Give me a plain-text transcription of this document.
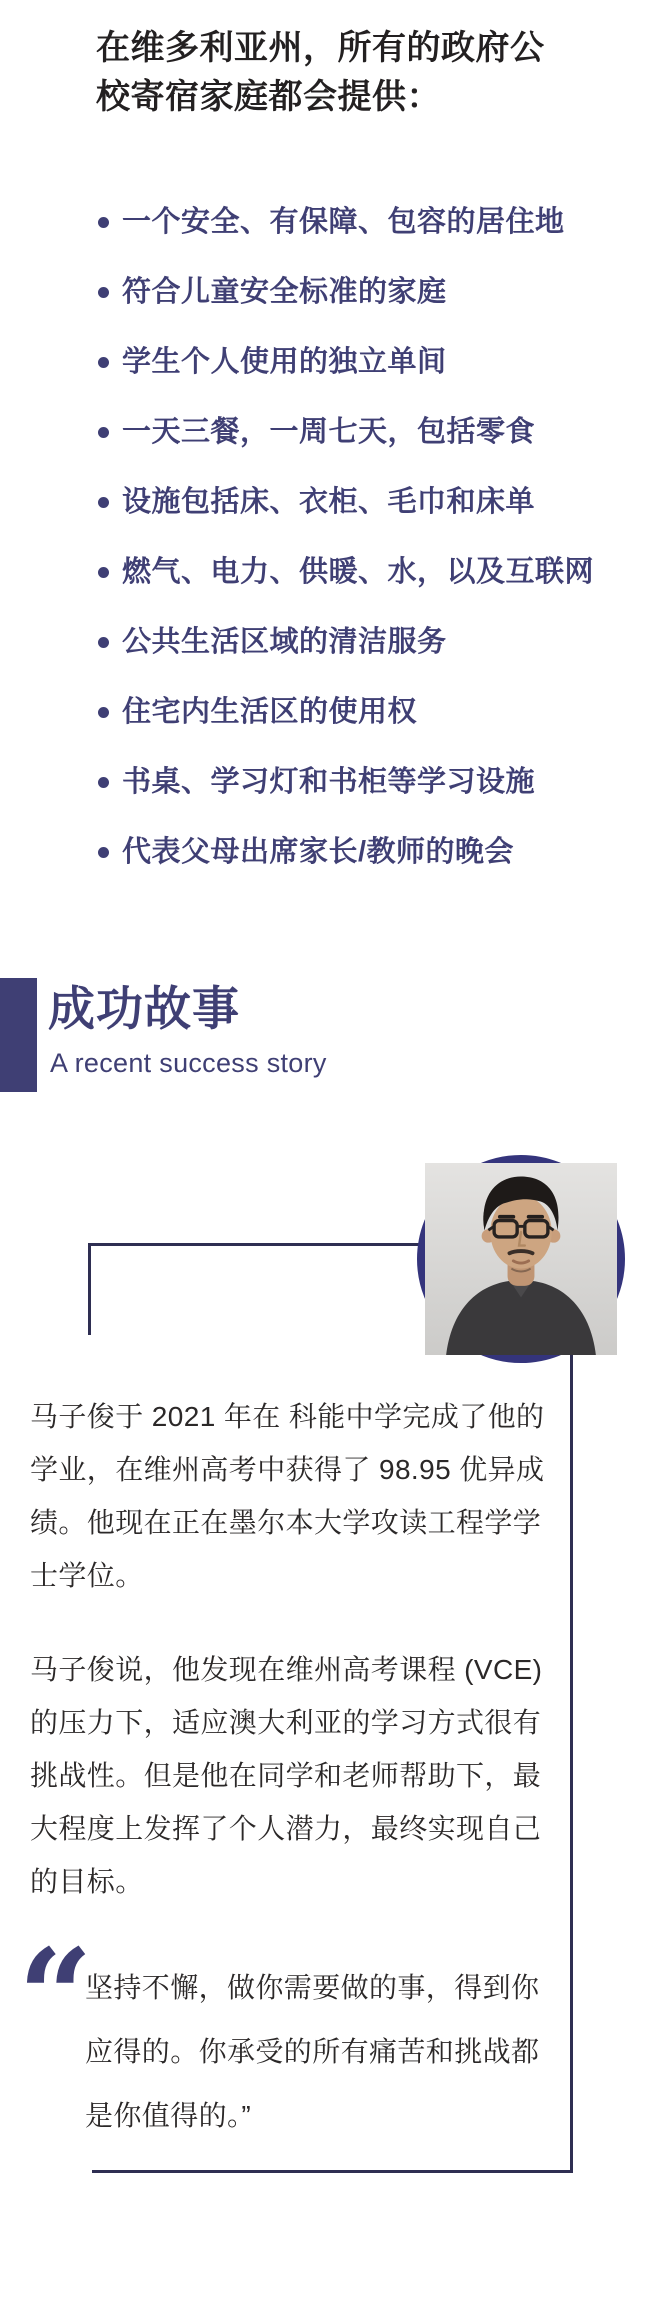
在维多利亚州，所有的政府公校寄宿家庭都会提供：
一个安全、有保障、包容的居住地
符合儿童安全标准的家庭
学生个人使用的独立单间
一天三餐，一周七天，包括零食
设施包括床、衣柜、毛巾和床单
燃气、电力、供暖、水，以及互联网
公共生活区域的清洁服务
住宅内生活区的使用权
书桌、学习灯和书柜等学习设施
代表父母出席家长/教师的晚会
成功故事
A recent success story

马子俊于 2021 年在 科能中学完成了他的学业，在维州高考中获得了 98.95 优异成绩。他现在正在墨尔本大学攻读工程学学士学位。

马子俊说，他发现在维州高考课程 (VCE) 的压力下，适应澳大利亚的学习方式很有挑战性。但是他在同学和老师帮助下，最大程度上发挥了个人潜力，最终实现自己的目标。

“

坚持不懈，做你需要做的事，得到你应得的。你承受的所有痛苦和挑战都是你值得的。”
